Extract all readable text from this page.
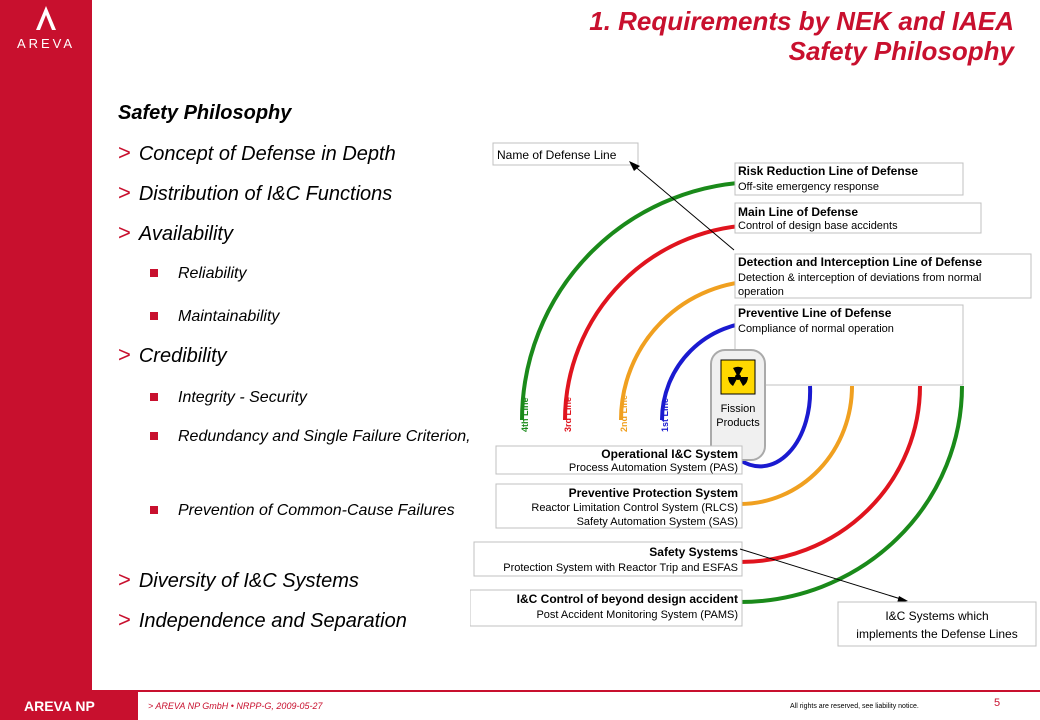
AREVA
1. Requirements by NEK and IAEA
Safety Philosophy
Safety Philosophy
> Concept of Defense in Depth
> Distribution of I&C Functions
> Availability
Reliability
Maintainability
> Credibility
Integrity - Security
Redundancy and Single Failure Criterion,
Prevention of Common-Cause Failures
> Diversity of I&C Systems
> Independence and Separation
4th Line	3rd Line	2nd Line	1st Line
Name of Defense Line
Risk Reduction Line of Defense
Off-site emergency response
Main Line of Defense
Control of design base accidents
Detection and Interception Line of Defense
Detection & interception of deviations from normal
operation
Preventive Line of Defense
Compliance of normal operation
Fission
Products
Operational I&C System
Process Automation System (PAS)
Preventive Protection System
Reactor Limitation Control System (RLCS)
Safety Automation System (SAS)
Safety Systems
Protection System with Reactor Trip and ESFAS
I&C Control of beyond design accident
Post Accident Monitoring System (PAMS)	I&C Systems which
implements the Defense Lines
AREVA NP	> AREVA NP GmbH • NRPP-G, 2009-05-27	All rights are reserved, see liability notice.	5
